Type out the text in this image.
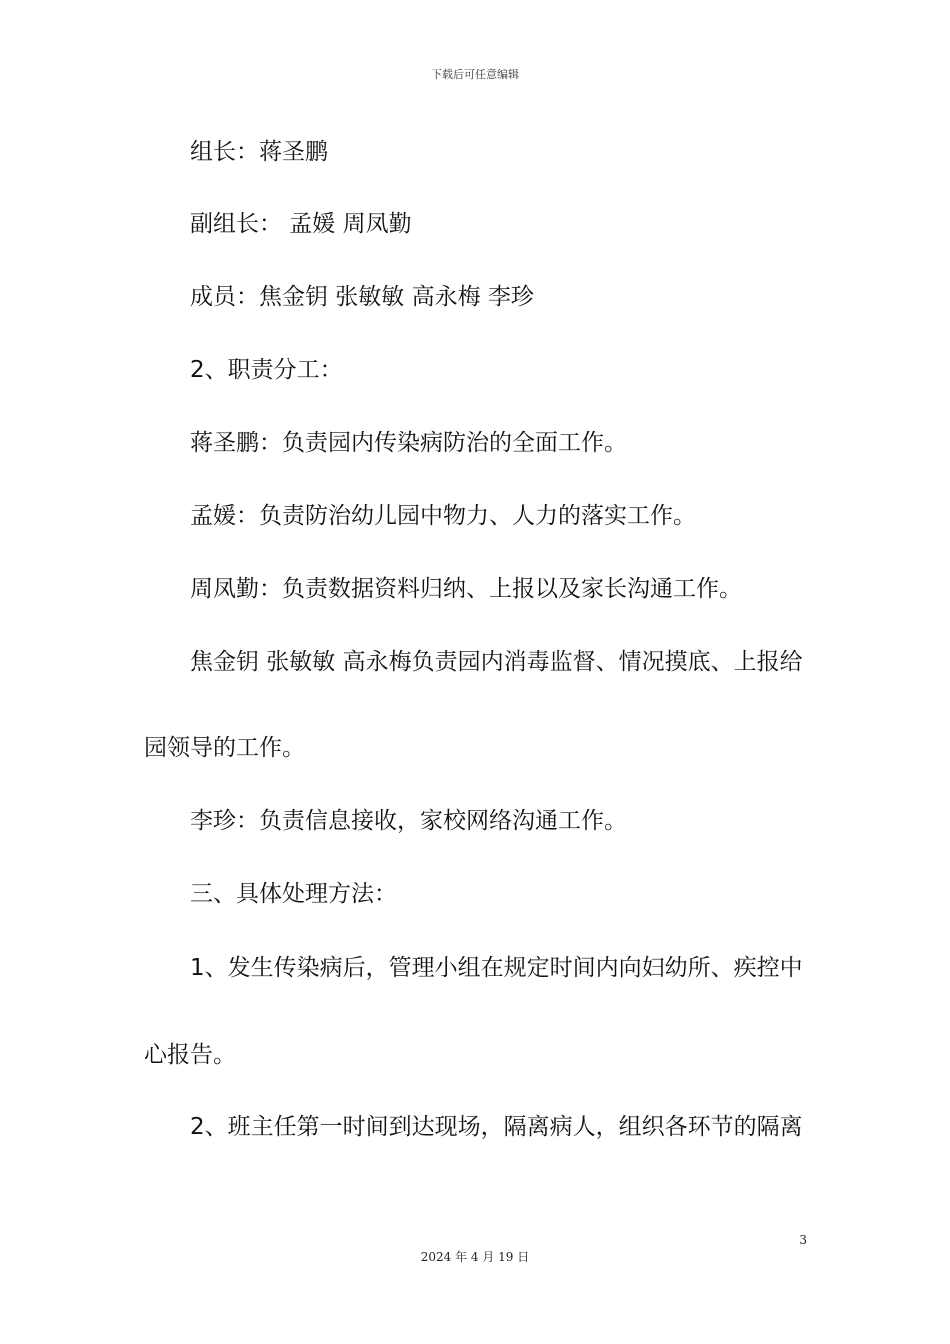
下载后可任意编辑
组长：蒋圣鹏
副组长： 孟媛 周凤勤
成员：焦金钥 张敏敏 高永梅 李珍
2、职责分工：
蒋圣鹏：负责园内传染病防治的全面工作。
孟媛：负责防治幼儿园中物力、人力的落实工作。
周凤勤：负责数据资料归纳、上报以及家长沟通工作。
焦金钥 张敏敏 高永梅负责园内消毒监督、情况摸底、上报给
园领导的工作。
李珍：负责信息接收，家校网络沟通工作。
三、具体处理方法：
1、发生传染病后，管理小组在规定时间内向妇幼所、疾控中
心报告。
2、班主任第一时间到达现场，隔离病人，组织各环节的隔离
3
2024 年 4 月 19 日
